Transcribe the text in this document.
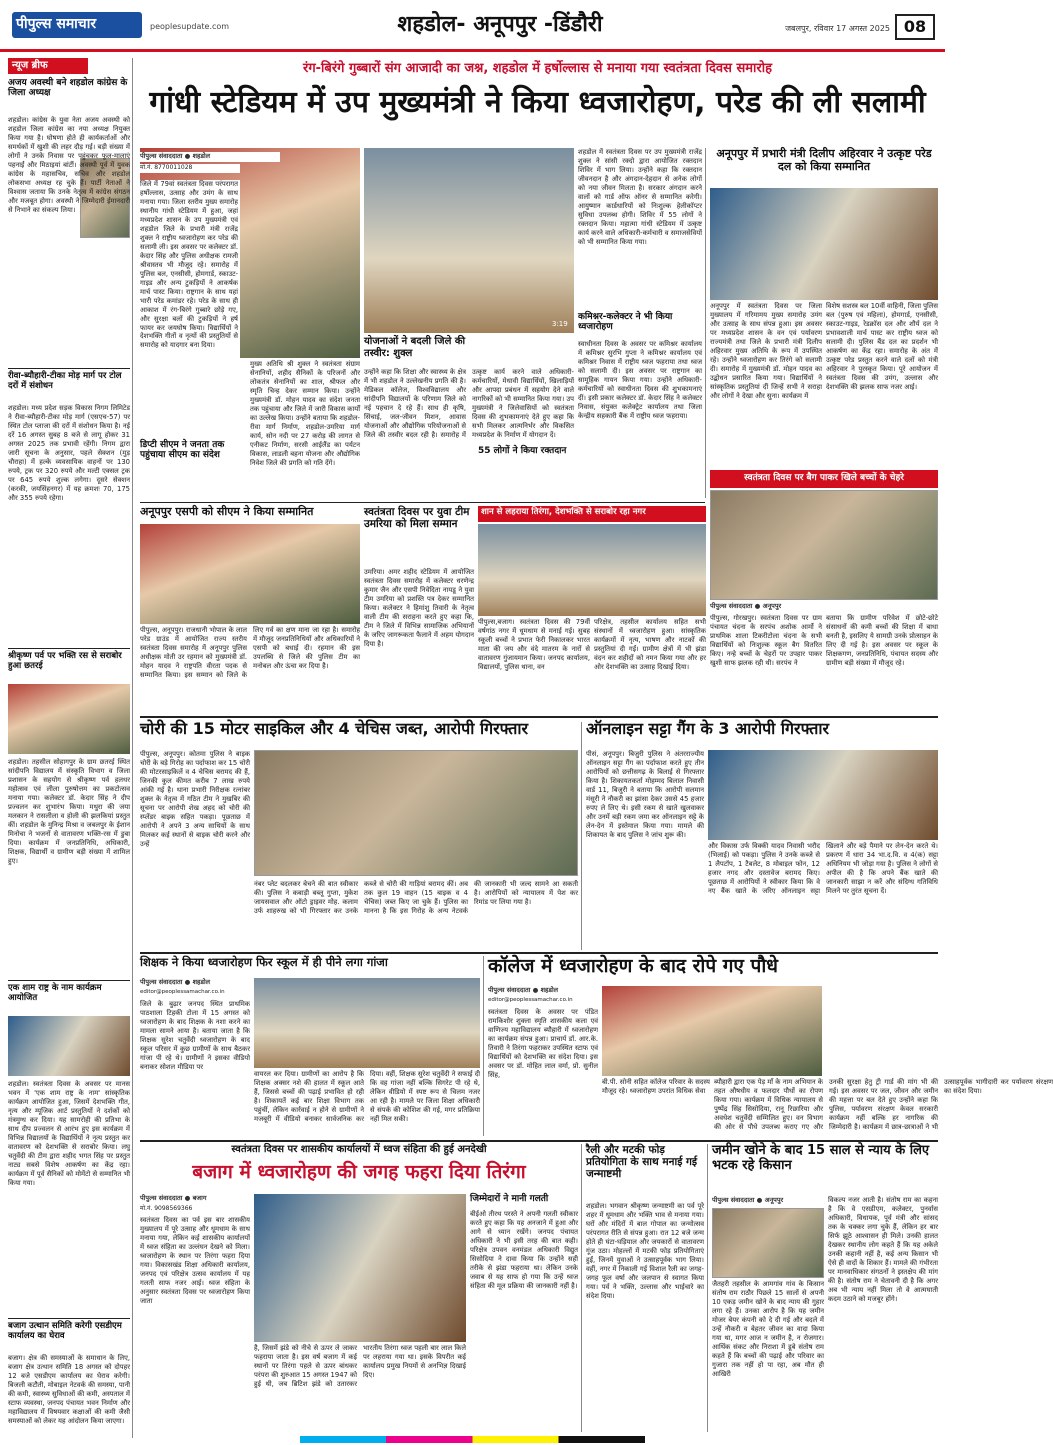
पीपुल्स समाचार	peoplesupdate.com	शहडोल- अनूपपुर -डिंडौरी	जबलपुर, रविवार 17 अगस्त 2025 08
न्यूज ब्रीफ
अजय अवस्थी बने शहडोल कांग्रेस के जिला अध्यक्ष
शहडोल। कांग्रेस के युवा नेता अजय अवस्थी को शहडोल जिला कांग्रेस का नया अध्यक्ष नियुक्त किया गया है। घोषणा होते ही कार्यकर्ताओं और समर्थकों में खुशी की लहर दौड़ गई। बड़ी संख्या में लोगों ने उनके निवास पर पहुंचकर फूल-मालाएं पहनाईं और मिठाइयां बांटीं। अवस्थी पूर्व में युवक कांग्रेस के महासचिव, सचिव और शहडोल लोकसभा अध्यक्ष रह चुके हैं। पार्टी नेताओं ने विश्वास जताया कि उनके नेतृत्व में कांग्रेस संगठन और मजबूत होगा। अवस्थी ने जिम्मेदारी ईमानदारी से निभाने का संकल्प लिया।
रीवा-ब्यौहारी-टीका मोड़ मार्ग पर टोल दरों में संशोधन
शहडोल। मध्य प्रदेश सड़क विकास निगम लिमिटेड ने रीवा-ब्यौहारी-टीका मोड़ मार्ग (एसएच-57) पर स्थित टोल प्लाजा की दरों में संशोधन किया है। नई दरें 16 अगस्त सुबह 8 बजे से लागू होकर 31 अगस्त 2025 तक प्रभावी रहेंगी। निगम द्वारा जारी सूचना के अनुसार, पहले सेक्शन (मुड़ चौराहा) में हल्के व्यवसायिक वाहनों पर 130 रुपये, ट्रक पर 320 रुपये और मल्टी एक्सल ट्रक पर 645 रुपये शुल्क लगेगा। दूसरे सेक्शन (करकी, जयसिंहनगर) में यह क्रमशः 70, 175 और 355 रुपये रहेगा।
श्रीकृष्ण पर्व पर भक्ति रस से सराबोर हुआ छतरई
शहडोल। तहसील सोहागपुर के ग्राम छतरई स्थित सांदीपनि विद्यालय में संस्कृति विभाग व जिला प्रशासन के सहयोग से श्रीकृष्ण पर्व हलधर महोत्सव एवं लीला पुरुषोत्तम का प्रकटोत्सव मनाया गया। कलेक्टर डॉ. केदार सिंह ने दीप प्रज्वलन कर शुभारंभ किया। मथुरा की जया मलकान ने रासलीला व होली की झलकियां प्रस्तुत कीं। शहडोल के मुनिन्द्र मिश्रा व जबलपुर के ईशान मिनोचा ने भजनों से वातावरण भक्ति-रस में डुबा दिया। कार्यक्रम में जनप्रतिनिधि, अधिकारी, शिक्षक, विद्यार्थी व ग्रामीण बड़ी संख्या में शामिल हुए।
एक शाम राष्ट्र के नाम कार्यक्रम आयोजित
शहडोल। स्वतंत्रता दिवस के अवसर पर मानस भवन में 'एक शाम राष्ट्र के नाम' सांस्कृतिक कार्यक्रम आयोजित हुआ, जिसमें देशभक्ति गीत, नृत्य और म्यूजिक आर्ट प्रस्तुतियों ने दर्शकों को मंत्रमुग्ध कर दिया। यह सामरोही की प्रतिभा के साथ दीप प्रज्वलन से आरंभ हुए इस कार्यक्रम में विभिन्न विद्यालयों के विद्यार्थियों ने नृत्य प्रस्तुत कर वातावरण को देशभक्ति से सराबोर किया। लघु चतुर्वेदी की टीम द्वारा शहीद भगत सिंह पर प्रस्तुत नाट्य सबसे विशेष आकर्षण का केंद्र रहा। कार्यक्रम में पूर्व सैनिकों को मोमेंटो से सम्मानित भी किया गया।
बजाग उत्थान समिति करेगी एसडीएम कार्यालय का घेराव
बजाग। क्षेत्र की समस्याओं के समाधान के लिए, बजाग क्षेत्र उत्थान समिति 18 अगस्त को दोपहर 12 बजे एसडीएम कार्यालय का घेराव करेगी। बिजली कटौती, मोबाइल नेटवर्क की समस्या, पानी की कमी, स्वास्थ्य सुविधाओं की कमी, अस्पताल में स्टाफ व्यवस्था, जनपद पंचायत भवन निर्माण और महाविद्यालय में विषयवार कक्षाओं की कमी जैसी समस्याओं को लेकर यह आंदोलन किया जाएगा।
रंग-बिरंगे गुब्बारों संग आजादी का जश्न, शहडोल में हर्षोल्लास से मनाया गया स्वतंत्रता दिवस समारोह
गांधी स्टेडियम में उप मुख्यमंत्री ने किया ध्वजारोहण, परेड की ली सलामी
पीपुल्स संवाददाता ● शहडोल
मो.नं. 8770011028
जिले में 79वां स्वतंत्रता दिवस परंपरागत हर्षोल्लास, उत्साह और उमंग के साथ मनाया गया। जिला स्तरीय मुख्य समारोह स्थानीय गांधी स्टेडियम में हुआ, जहां मध्यप्रदेश शासन के उप मुख्यमंत्री एवं शहडोल जिले के प्रभारी मंत्री राजेंद्र शुक्ल ने राष्ट्रीय ध्वजारोहण कर परेड की सलामी ली। इस अवसर पर कलेक्टर डॉ. केदार सिंह और पुलिस अधीक्षक रामजी श्रीवास्तव भी मौजूद रहे। समारोह में पुलिस बल, एनसीसी, होमगार्ड, स्काउट-गाइड और अन्य टुकड़ियों ने आकर्षक मार्च पास्ट किया। राष्ट्रगान के साथ यहां भारी परेड कमांडर रहे। परेड के साथ ही आकाश में रंग-बिरंगे गुब्बारे छोड़े गए, और सुरक्षा बलों की टुकड़ियों ने हर्ष फायर कर जयघोष किया। विद्यार्थियों ने देशभक्ति गीतों व नृत्यों की प्रस्तुतियों से समारोह को यादगार बना दिया।
डिप्टी सीएम ने जनता तक पहुंचाया सीएम का संदेश
मुख्य अतिथि श्री शुक्ल ने स्वतंत्रता संग्राम सेनानियों, शहीद सैनिकों के परिजनों और लोकतंत्र सेनानियों का शाल, श्रीफल और स्मृति चिन्ह देकर सम्मान किया। उन्होंने मुख्यमंत्री डॉ. मोहन यादव का संदेश जनता तक पहुंचाया और जिले में जारी विकास कार्यों का उल्लेख किया। उन्होंने बताया कि शहडोल-रीवा मार्ग निर्माण, शहडोल-उमरिया मार्ग कार्य, सोन नदी पर 27 करोड़ की लागत से एनीकट निर्माण, सरसी आईलैंड का पर्यटन विकास, लाडली बहना योजना और औद्योगिक निवेश जिले की प्रगति को गति देंगे।
3:19
योजनाओं ने बदली जिले की तस्वीर: शुक्ल
उन्होंने कहा कि शिक्षा और स्वास्थ्य के क्षेत्र में भी शहडोल ने उल्लेखनीय प्रगति की है। मेडिकल कॉलेज, विश्वविद्यालय और सांदीपनि विद्यालयों के परिणाम जिले को नई पहचान दे रहे हैं। साथ ही कृषि, सिंचाई, जल-जीवन मिशन, आवास योजनाओं और औद्योगिक परियोजनाओं से जिले की तस्वीर बदल रही है। समारोह में उत्कृष्ट कार्य करने वाले अधिकारी-कर्मचारियों, मेधावी विद्यार्थियों, खिलाड़ियों और आपदा प्रबंधन में सहयोग देने वाले नागरिकों को भी सम्मानित किया गया। उप मुख्यमंत्री ने जिलेवासियों को स्वतंत्रता दिवस की शुभकामनाएं देते हुए कहा कि सभी मिलकर आत्मनिर्भर और विकसित मध्यप्रदेश के निर्माण में योगदान दें।
55 लोगों ने किया रक्तदान
शहडोल में स्वतंत्रता दिवस पर उप मुख्यमंत्री राजेंद्र शुक्ल ने सांसी रक्दो द्वारा आयोजित रक्तदान शिविर में भाग लिया। उन्होंने कहा कि रक्तदान जीवनदान है और अंगदान-देहदान से अनेक लोगों को नया जीवन मिलता है। सरकार अंगदान करने वालों को गार्ड ऑफ ऑनर से सम्मानित करेगी। आयुष्मान कार्डधारियों को निःशुल्क हेलीकॉप्टर सुविधा उपलब्ध होगी। शिविर में 55 लोगों ने रक्तदान किया। महात्मा गांधी स्टेडियम में उत्कृष्ट कार्य करने वाले अधिकारी-कर्मचारी व समाजसेवियों को भी सम्मानित किया गया।
कमिश्नर-कलेक्टर ने भी किया ध्वजारोहण
स्वाधीनता दिवस के अवसर पर कमिश्नर कार्यालय में कमिश्नर सुरभि गुप्ता ने कमिश्नर कार्यालय एवं कमिश्नर निवास में राष्ट्रीय ध्वज फहराया तथा ध्वज को सलामी दी। इस अवसर पर राष्ट्रगान का सामूहिक गायन किया गया। उन्होंने अधिकारी-कर्मचारियों को स्वाधीनता दिवस की शुभकामनाएं दीं। इसी प्रकार कलेक्टर डॉ. केदार सिंह ने कलेक्टर निवास, संयुक्त कलेक्ट्रेट कार्यालय तथा जिला केन्द्रीय सहकारी बैंक में राष्ट्रीय ध्वज फहराया।
अनूपपुर में प्रभारी मंत्री दिलीप अहिरवार ने उत्कृष्ट परेड दल को किया सम्मानित
अनूपपुर में स्वतंत्रता दिवस पर जिला मुख्यालय में गरिमामय मुख्य समारोह उमंग और उत्साह के साथ संपन्न हुआ। इस अवसर पर मध्यप्रदेश शासन के वन एवं पर्यावरण राज्यमंत्री तथा जिले के प्रभारी मंत्री दिलीप अहिरवार मुख्य अतिथि के रूप में उपस्थित रहे। उन्होंने ध्वजारोहण कर तिरंगे को सलामी दी। समारोह में मुख्यमंत्री डॉ. मोहन यादव का उद्बोधन प्रसारित किया गया। विद्यार्थियों ने सांस्कृतिक प्रस्तुतियां दीं जिन्हें सभी ने सराहा और लोगों ने देखा और सुना। कार्यक्रम में
विशेष सशस्त्र बल 10वीं वाहिनी, जिला पुलिस बल (पुरुष एवं महिला), होमगार्ड, एनसीसी, स्काउट-गाइड, रेडक्रॉस दल और शौर्य दल ने प्रभावशाली मार्च पास्ट कर राष्ट्रीय ध्वज को सलामी दी। पुलिस बैंड दल का प्रदर्शन भी आकर्षण का केंद्र रहा। समारोह के अंत में उत्कृष्ट परेड प्रस्तुत करने वाले दलों को मंत्री अहिरवार ने पुरस्कृत किया। पूरे आयोजन में स्वतंत्रता दिवस की उमंग, उल्लास और देशभक्ति की झलक साफ नजर आई।
स्वतंत्रता दिवस पर बैग पाकर खिले बच्चों के चेहरे
पीपुल्स संवाददाता ● अनूपपुर
पीपुल्स, गोरखपुर। स्वतंत्रता दिवस पर ग्राम पंचायत चंदना के सरपंच अशोक आर्मो ने प्राथमिक शाला टिकरीटोला चंदना के सभी विद्यार्थियों को निःशुल्क स्कूल बैग वितरित किए। नन्हे बच्चों के चेहरों पर उपहार पाकर खुशी साफ झलक रही थी। सरपंच ने
बताया कि ग्रामीण परिवेश में छोटे-छोटे संसाधनों की कमी बच्चों की शिक्षा में बाधा बनती है, इसलिए ये सामग्री उनके प्रोत्साहन के लिए दी गई है। इस अवसर पर स्कूल के शिक्षकगण, जनप्रतिनिधि, पंचायत सदस्य और ग्रामीण बड़ी संख्या में मौजूद रहे।
अनूपपुर एसपी को सीएम ने किया सम्मानित
पीपुल्स, अनूपपुर। राजधानी भोपाल के लाल परेड ग्राउंड में आयोजित राज्य स्तरीय स्वतंत्रता दिवस समारोह में अनूपपुर पुलिस अधीक्षक मोती उर रहमान को मुख्यमंत्री डॉ. मोहन यादव ने राष्ट्रपति वीरता पदक से सम्मानित किया। इस सम्मान को जिले के लिए गर्व का क्षण माना जा रहा है। समारोह में मौजूद जनप्रतिनिधियों और अधिकारियों ने एसपी को बधाई दी। रहमान की इस उपलब्धि से जिले की पुलिस टीम का मनोबल और ऊंचा कर दिया है।
स्वतंत्रता दिवस पर युवा टीम उमरिया को मिला सम्मान
उमरिया। अमर शहीद स्टेडियम में आयोजित स्वतंत्रता दिवस समारोह में कलेक्टर धरणेन्द्र कुमार जैन और एसपी निवेदिता नायडू ने युवा टीम उमरिया को प्रशस्ति पत्र देकर सम्मानित किया। कलेक्टर ने हिमांशु तिवारी के नेतृत्व वाली टीम की सराहना करते हुए कहा कि, टीम ने जिले में विभिन्न सामाजिक अभियानों के जरिए जागरूकता फैलाने में अहम योगदान दिया है।
शान से लहराया तिरंगा, देशभक्ति से सराबोर रहा नगर
पीपुल्स,बजाग। स्वतंत्रता दिवस की 79वीं वर्षगांठ नगर में धूमधाम से मनाई गई। सुबह स्कूली बच्चों ने प्रभात फेरी निकालकर भारत माता की जय और वंदे मातरम के नारों से वातावरण गुंजायमान किया। जनपद कार्यालय, विद्यालयों, पुलिस थाना, वन
परिक्षेत्र, तहसील कार्यालय सहित सभी संस्थानों में ध्वजारोहण हुआ। सांस्कृतिक कार्यक्रमों में नृत्य, भाषण और नाटकों की प्रस्तुतियां दी गईं। ग्रामीण क्षेत्रों में भी झंडा वंदन कर शहीदों को नमन किया गया और हर ओर देशभक्ति का उत्साह दिखाई दिया।
चोरी की 15 मोटर साइकिल और 4 चेचिस जब्त, आरोपी गिरफ्तार
पीपुल्स, अनूपपुर। कोतमा पुलिस ने बाइक चोरी के बड़े गिरोह का पर्दाफाश कर 15 चोरी की मोटरसाइकिलें व 4 चेचिस बरामद की हैं, जिनकी कुल कीमत करीब 7 लाख रुपये आंकी गई है। थाना प्रभारी निरीक्षक रत्नांबर शुक्ल के नेतृत्व में गठित टीम ने मुखबिर की सूचना पर आरोपी शेख अहद को चोरी की स्प्लेंडर बाइक सहित पकड़ा। पूछताछ में आरोपी ने अपने 3 अन्य साथियों के साथ मिलकर कई स्थानों से बाइक चोरी करने और उन्हें
नंबर प्लेट बदलकर बेचने की बात स्वीकार की। पुलिस ने कबाड़ी बब्लू गुप्ता, मुकेश जायसवाल और ऑटो ड्राइवर मोह. कलाम उर्फ शाहरुख को भी गिरफ्तार कर उनके कब्जे से चोरी की गाड़ियां बरामद कीं। अब तक कुल 19 वाहन (15 बाइक व 4 चेचिस) जब्त किए जा चुके हैं। पुलिस का मानना है कि इस गिरोह के अन्य नेटवर्क की जानकारी भी जल्द सामने आ सकती है। आरोपियों को न्यायालय में पेश कर रिमांड पर लिया गया है।
ऑनलाइन सट्टा गैंग के 3 आरोपी गिरफ्तार
पीसं, अनूपपुर। बिजुरी पुलिस ने अंतरराज्यीय ऑनलाइन सट्टा गैंग का पर्दाफाश करते हुए तीन आरोपियों को छत्तीसगढ़ के बिलाई से गिरफ्तार किया है। शिकायतकर्ता मोहम्मद बिलाल निवासी वार्ड 11, बिजुरी ने बताया कि आरोपी सलमान मंसूरी ने नौकरी का झांसा देकर उससे 45 हजार रुपए ले लिए थे। इसी रकम से खाते खुलवाकर और उनमें बड़ी रकम जमा कर ऑनलाइन सट्टे के लेन-देन में इस्तेमाल किया गया। मामले की शिकायत के बाद पुलिस ने जांच शुरू की।
और विकास उर्फ विक्की यादव निवासी भरौद (भिलाई) को पकड़ा। पुलिस ने उनके कब्जे से 1 लैपटॉप, 1 टैबलेट, 8 मोबाइल फोन, 12 हजार नगद और दस्तावेज बरामद किए। पूछताछ में आरोपियों ने स्वीकार किया कि वे नए बैंक खाते के जरिए ऑनलाइन सट्टा खिलाने और बड़े पैमाने पर लेन-देन करते थे। प्रकरण में धारा 34 भा.द.वि. व 4(क) सट्टा अधिनियम भी जोड़ा गया है। पुलिस ने लोगों से अपील की है कि अपने बैंक खाते की जानकारी साझा न करें और संदिग्ध गतिविधि मिलने पर तुरंत सूचना दें।
शिक्षक ने किया ध्वजारोहण फिर स्कूल में ही पीने लगा गांजा
पीपुल्स संवाददाता ● शहडोल
editor@peoplessamachar.co.in
जिले के बुढ़ार जनपद स्थित प्राथमिक पाठशाला टिहकी टोला में 15 अगस्त को ध्वजारोहण के बाद शिक्षक के नशा करने का मामला सामने आया है। बताया जाता है कि शिक्षक सुरेश चतुर्वेदी ध्वजारोहण के बाद स्कूल परिसर में कुछ ग्रामीणों के साथ बैठकर गांजा पी रहे थे। ग्रामीणों ने इसका वीडियो बनाकर सोशल मीडिया पर
वायरल कर दिया। ग्रामीणों का आरोप है कि शिक्षक अक्सर नशे की हालत में स्कूल आते हैं, जिससे बच्चों की पढ़ाई प्रभावित हो रही है। शिकायतें कई बार शिक्षा विभाग तक पहुंचीं, लेकिन कार्रवाई न होने से ग्रामीणों ने मजबूरी में वीडियो बनाकर सार्वजनिक कर दिया। वहीं, शिक्षक सुरेश चतुर्वेदी ने सफाई दी कि वह गांजा नहीं बल्कि सिगरेट पी रहे थे, लेकिन वीडियो में स्पष्ट रूप से चिलम नजर आ रही है। मामले पर जिला शिक्षा अधिकारी से संपर्क की कोशिश की गई, मगर प्रतिक्रिया नहीं मिल सकी।
कॉलेज में ध्वजारोहण के बाद रोपे गए पौधे
पीपुल्स संवाददाता ● शहडोल
editor@peoplessamachar.co.in
स्वतंत्रता दिवस के अवसर पर पंडित रामकिशोर शुक्ला स्मृति शासकीय कला एवं वाणिज्य महाविद्यालय ब्यौहारी में ध्वजारोहण का कार्यक्रम संपन्न हुआ। प्राचार्य डॉ. आर.के. तिवारी ने तिरंगा फहराकर उपस्थित स्टाफ एवं विद्यार्थियों को देशभक्ति का संदेश दिया। इस अवसर पर डॉ. मोहित लाल वर्मा, प्रो. सुनील सिंह,
बी.पी. सोनी सहित कॉलेज परिवार के सदस्य मौजूद रहे। ध्वजारोहण उपरांत विधिक सेवा
ब्यौहारी द्वारा एक पेड़ माँ के नाम अभियान के तहत औषधीय व फलदार पौधों का रोपण किया गया। कार्यक्रम में विधिक न्यायालय से पुष्पेंद्र सिंह सिसोदिया, रानू रिछारिया और अवधेश चतुर्वेदी सम्मिलित हुए। वन विभाग की ओर से पौधे उपलब्ध कराए गए और उनकी सुरक्षा हेतु ट्री गार्ड की मांग भी की गई। इस अवसर पर जल, जीवन और जमीन की महत्ता पर बल देते हुए उन्होंने कहा कि पुलिस, पर्यावरण संरक्षण केवल सरकारी कार्यक्रम नहीं बल्कि हर नागरिक की जिम्मेदारी है। कार्यक्रम में छात्र-छात्राओं ने भी उत्साहपूर्वक भागीदारी कर पर्यावरण संरक्षण का संदेश दिया।
स्वतंत्रता दिवस पर शासकीय कार्यालयों में ध्वज संहिता की हुई अनदेखी
बजाग में ध्वजारोहण की जगह फहरा दिया तिरंगा
पीपुल्स संवाददाता ● बजाग
मो.नं. 9098569366
स्वतंत्रता दिवस का पर्व इस बार शासकीय मुख्यालय में पूरे उत्साह और धूमधाम के साथ मनाया गया, लेकिन कई शासकीय कार्यालयों में ध्वज संहिता का उल्लंघन देखने को मिला। ध्वजारोहण के स्थान पर तिरंगा फहरा दिया गया। विकासखंड शिक्षा अधिकारी कार्यालय, जनपद एवं परिक्षेत्र उत्सव कार्यालय में यह गलती साफ नजर आई। ध्वज संहिता के अनुसार स्वतंत्रता दिवस पर ध्वजारोहण किया जाता
है, जिसमें झंडे को नीचे से ऊपर ले जाकर फहराया जाता है। इस वर्ष बजाग में कई स्थानों पर तिरंगा पहले से ऊपर बांधकर परंपरा की शुरुआत 15 अगस्त 1947 को हुई थी, जब ब्रिटिश झंडे को उतारकर भारतीय तिरंगा ध्वज पहली बार लाल किले पर लहराया गया था। इसके विपरीत कई कार्यालय प्रमुख नियमों से अनभिज्ञ दिखाई दिए।
जिम्मेदारों ने मानी गलती
बीईओ तीरथ परस्ते ने अपनी गलती स्वीकार करते हुए कहा कि यह अनजाने में हुआ और आगे से ध्यान रखेंगे। जनपद पंचायत अधिकारी ने भी इसी तरह की बात कही। परिक्षेत्र उपवन वनमंडल अधिकारी विद्युत सिसोदिया ने दावा किया कि उन्होंने सही तरीके से झंडा फहराया था। लेकिन उनके जवाब से यह साफ हो गया कि उन्हें ध्वज संहिता की मूल प्रक्रिया की जानकारी नहीं है।
रैली और मटकी फोड़ प्रतियोगिता के साथ मनाई गई जन्माष्टमी
शहडोल। भगवान श्रीकृष्ण जन्माष्टमी का पर्व पूरे शहर में धूमधाम और भक्ति भाव से मनाया गया। घरों और मंदिरों में बाल गोपाल का जन्मोत्सव परंपरागत रीति से संपन्न हुआ। रात 12 बजे जन्म होते ही घंटा-घड़ियाल और जयकारों से वातावरण गूंज उठा। मोहल्लों में मटकी फोड़ प्रतियोगिताएं हुईं, जिनमें युवाओं ने उत्साहपूर्वक भाग लिया। वहीं, नगर में निकाली गई विशाल रैली का जगह-जगह फूल वर्षा और जलपान से स्वागत किया गया। पर्व ने भक्ति, उल्लास और भाईचारे का संदेश दिया।
जमीन खोने के बाद 15 साल से न्याय के लिए भटक रहे किसान
पीपुल्स संवाददाता ● अनूपपुर
जैतहरी तहसील के आमगांव गांव के किसान संतोष राम राठौर पिछले 15 सालों से अपनी 10 एकड़ जमीन खोने के बाद न्याय की गुहार लगा रहे हैं। उनका आरोप है कि यह जमीन मोजर बेयर कंपनी को दे दी गई और बदले में उन्हें नौकरी व बेहतर जीवन का वादा किया गया था, मगर आज न जमीन है, न रोजगार। आर्थिक संकट और निराशा में डूबे संतोष राम कहते हैं कि बच्चों की पढ़ाई और परिवार का गुजारा तक नहीं हो पा रहा, अब मौत ही आखिरी
विकल्प नजर आती है। संतोष राम का कहना है कि वे एसडीएम, कलेक्टर, पुनर्वास अधिकारी, विधायक, पूर्व मंत्री और सांसद तक के चक्कर लगा चुके हैं, लेकिन हर बार सिर्फ झूठे आश्वासन ही मिले। उनकी हालत देखकर स्थानीय लोग कहते हैं कि यह अकेले उनकी कहानी नहीं है, कई अन्य किसान भी ऐसे ही वादों के शिकार हैं। मामले की गंभीरता पर मानवाधिकार संगठनों ने इस्तक्षेप की मांग की है। संतोष राम ने चेतावनी दी है कि अगर अब भी न्याय नहीं मिला तो वे आत्मघाती कदम उठाने को मजबूर होंगे।
